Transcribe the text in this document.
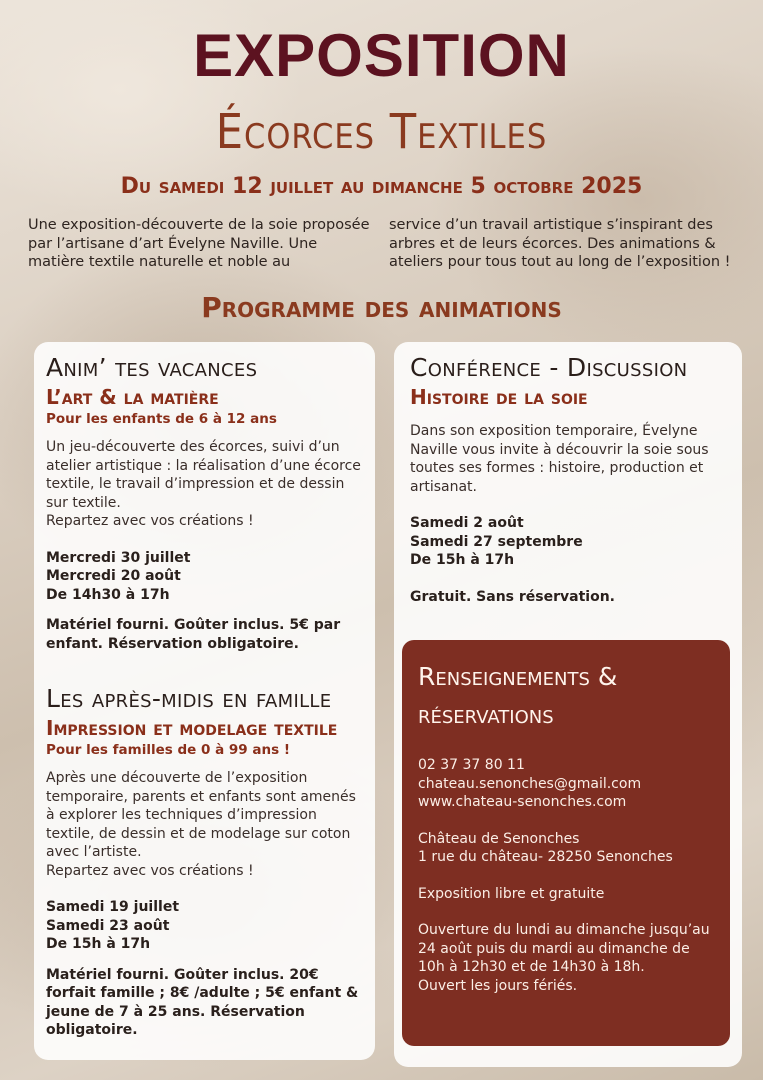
EXPOSITION
Écorces Textiles
Du samedi 12 juillet au dimanche 5 octobre 2025
Une exposition-découverte de la soie proposée par l’artisane d’art Évelyne Naville. Une matière textile naturelle et noble au
service d’un travail artistique s’inspirant des arbres et de leurs écorces. Des animations & ateliers pour tous tout au long de l’exposition !
Programme des animations
Anim’ tes vacances
L’art & la matière
Pour les enfants de 6 à 12 ans
Un jeu-découverte des écorces, suivi d’un atelier artistique : la réalisation d’une écorce textile, le travail d’impression et de dessin sur textile.
Repartez avec vos créations !
Mercredi 30 juillet
Mercredi 20 août
De 14h30 à 17h
Matériel fourni. Goûter inclus. 5€ par enfant. Réservation obligatoire.
Les après-midis en famille
Impression et modelage textile
Pour les familles de 0 à 99 ans !
Après une découverte de l’exposition temporaire, parents et enfants sont amenés à explorer les techniques d’impression textile, de dessin et de modelage sur coton avec l’artiste.
Repartez avec vos créations !
Samedi 19 juillet
Samedi 23 août
De 15h à 17h
Matériel fourni. Goûter inclus. 20€ forfait famille ; 8€ /adulte ; 5€ enfant & jeune de 7 à 25 ans. Réservation obligatoire.
Conférence - Discussion
Histoire de la soie
Dans son exposition temporaire, Évelyne Naville vous invite à découvrir la soie sous toutes ses formes : histoire, production et artisanat.
Samedi 2 août
Samedi 27 septembre
De 15h à 17h
Gratuit. Sans réservation.
Renseignements & réservations
02 37 37 80 11
chateau.senonches@gmail.com
www.chateau-senonches.com
Château de Senonches
1 rue du château- 28250 Senonches
Exposition libre et gratuite
Ouverture du lundi au dimanche jusqu’au 24 août puis du mardi au dimanche de 10h à 12h30 et de 14h30 à 18h.
Ouvert les jours fériés.
